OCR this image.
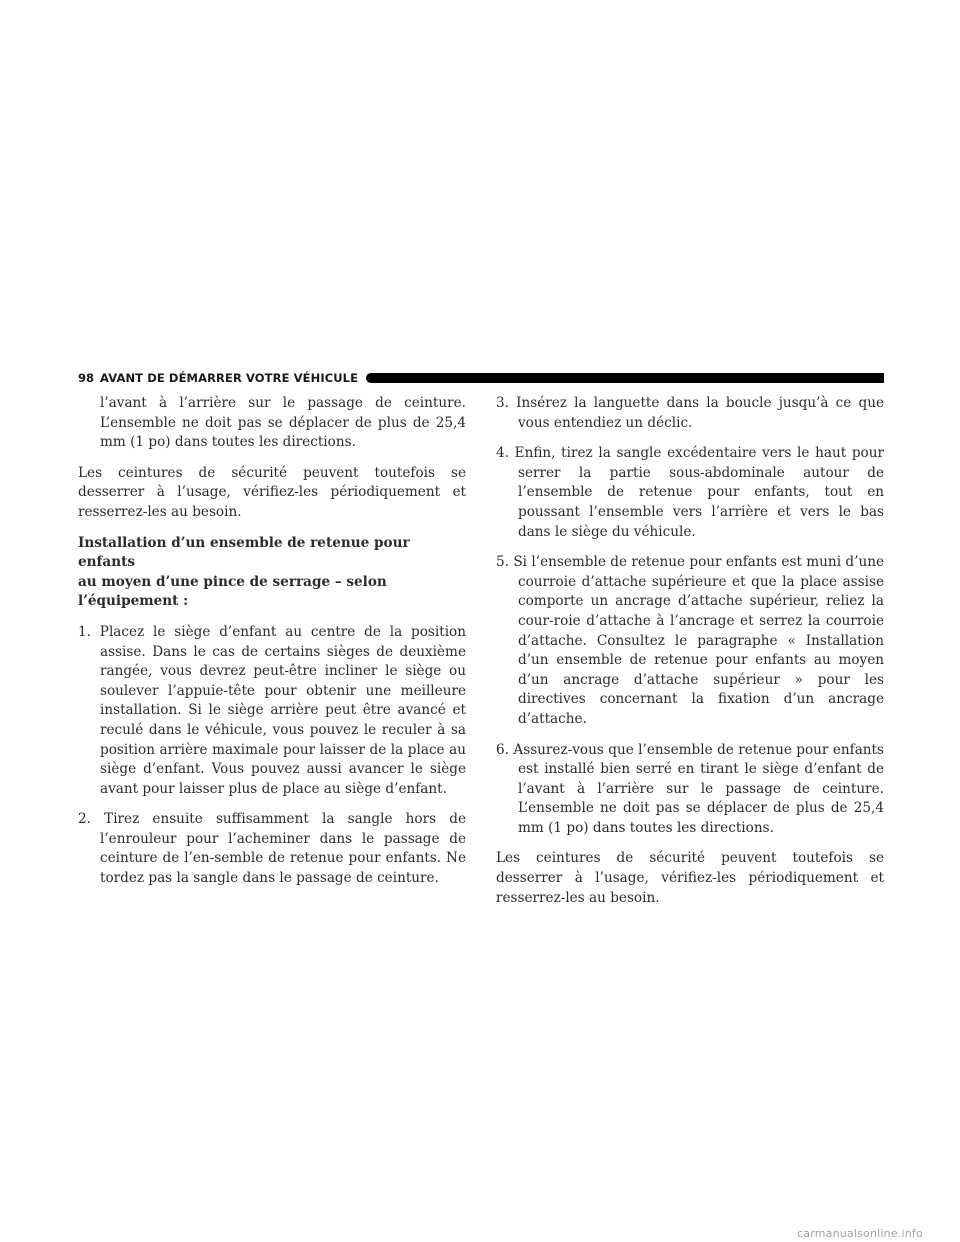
98 AVANT DE DÉMARRER VOTRE VÉHICULE

l’avant à l’arrière sur le passage de ceinture. L’ensemble ne doit pas se déplacer de plus de 25,4 mm (1 po) dans toutes les directions.

Les ceintures de sécurité peuvent toutefois se desserrer à l’usage, vérifiez-les périodiquement et resserrez-les au besoin.

Installation d’un ensemble de retenue pour enfants
au moyen d’une pince de serrage – selon
l’équipement :

1. Placez le siège d’enfant au centre de la position assise. Dans le cas de certains sièges de deuxième rangée, vous devrez peut-être incliner le siège ou soulever l’appuie-tête pour obtenir une meilleure installation. Si le siège arrière peut être avancé et reculé dans le véhicule, vous pouvez le reculer à sa position arrière maximale pour laisser de la place au siège d’enfant. Vous pouvez aussi avancer le siège avant pour laisser plus de place au siège d’enfant.

2. Tirez ensuite suffisamment la sangle hors de l’enrouleur pour l’acheminer dans le passage de ceinture de l’en-semble de retenue pour enfants. Ne tordez pas la sangle dans le passage de ceinture.

3. Insérez la languette dans la boucle jusqu’à ce que vous entendiez un déclic.

4. Enfin, tirez la sangle excédentaire vers le haut pour serrer la partie sous-abdominale autour de l’ensemble de retenue pour enfants, tout en poussant l’ensemble vers l’arrière et vers le bas dans le siège du véhicule.

5. Si l’ensemble de retenue pour enfants est muni d’une courroie d’attache supérieure et que la place assise comporte un ancrage d’attache supérieur, reliez la cour-roie d’attache à l’ancrage et serrez la courroie d’attache. Consultez le paragraphe « Installation d’un ensemble de retenue pour enfants au moyen d’un ancrage d’attache supérieur » pour les directives concernant la fixation d’un ancrage d’attache.

6. Assurez-vous que l’ensemble de retenue pour enfants est installé bien serré en tirant le siège d’enfant de l’avant à l’arrière sur le passage de ceinture. L’ensemble ne doit pas se déplacer de plus de 25,4 mm (1 po) dans toutes les directions.

Les ceintures de sécurité peuvent toutefois se desserrer à l’usage, vérifiez-les périodiquement et resserrez-les au besoin.

carmanualsonline.info
